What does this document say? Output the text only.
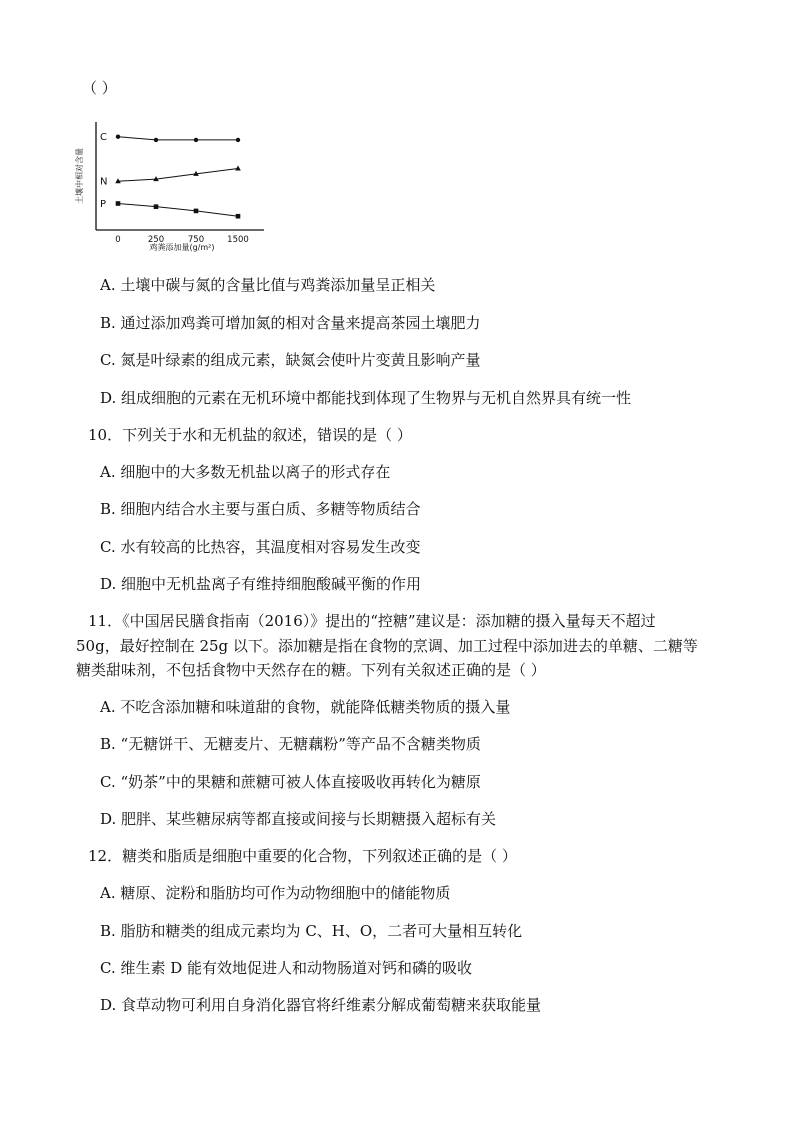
（ ）
土壤中相对含量
0	250	750	1500
C
N
P
鸡粪添加量(g/m²)
A. 土壤中碳与氮的含量比值与鸡粪添加量呈正相关
B. 通过添加鸡粪可增加氮的相对含量来提高茶园土壤肥力
C. 氮是叶绿素的组成元素，缺氮会使叶片变黄且影响产量
D. 组成细胞的元素在无机环境中都能找到体现了生物界与无机自然界具有统一性
10．下列关于水和无机盐的叙述，错误的是（ ）
A. 细胞中的大多数无机盐以离子的形式存在
B. 细胞内结合水主要与蛋白质、多糖等物质结合
C. 水有较高的比热容，其温度相对容易发生改变
D. 细胞中无机盐离子有维持细胞酸碱平衡的作用
11．《中国居民膳食指南（2016）》提出的“控糖”建议是：添加糖的摄入量每天不超过
50g，最好控制在 25g 以下。添加糖是指在食物的烹调、加工过程中添加进去的单糖、二糖等
糖类甜味剂，不包括食物中天然存在的糖。下列有关叙述正确的是（ ）
A. 不吃含添加糖和味道甜的食物，就能降低糖类物质的摄入量
B. “无糖饼干、无糖麦片、无糖藕粉”等产品不含糖类物质
C. “奶茶”中的果糖和蔗糖可被人体直接吸收再转化为糖原
D. 肥胖、某些糖尿病等都直接或间接与长期糖摄入超标有关
12．糖类和脂质是细胞中重要的化合物，下列叙述正确的是（ ）
A. 糖原、淀粉和脂肪均可作为动物细胞中的储能物质
B. 脂肪和糖类的组成元素均为 C、H、O，二者可大量相互转化
C. 维生素 D 能有效地促进人和动物肠道对钙和磷的吸收
D. 食草动物可利用自身消化器官将纤维素分解成葡萄糖来获取能量
